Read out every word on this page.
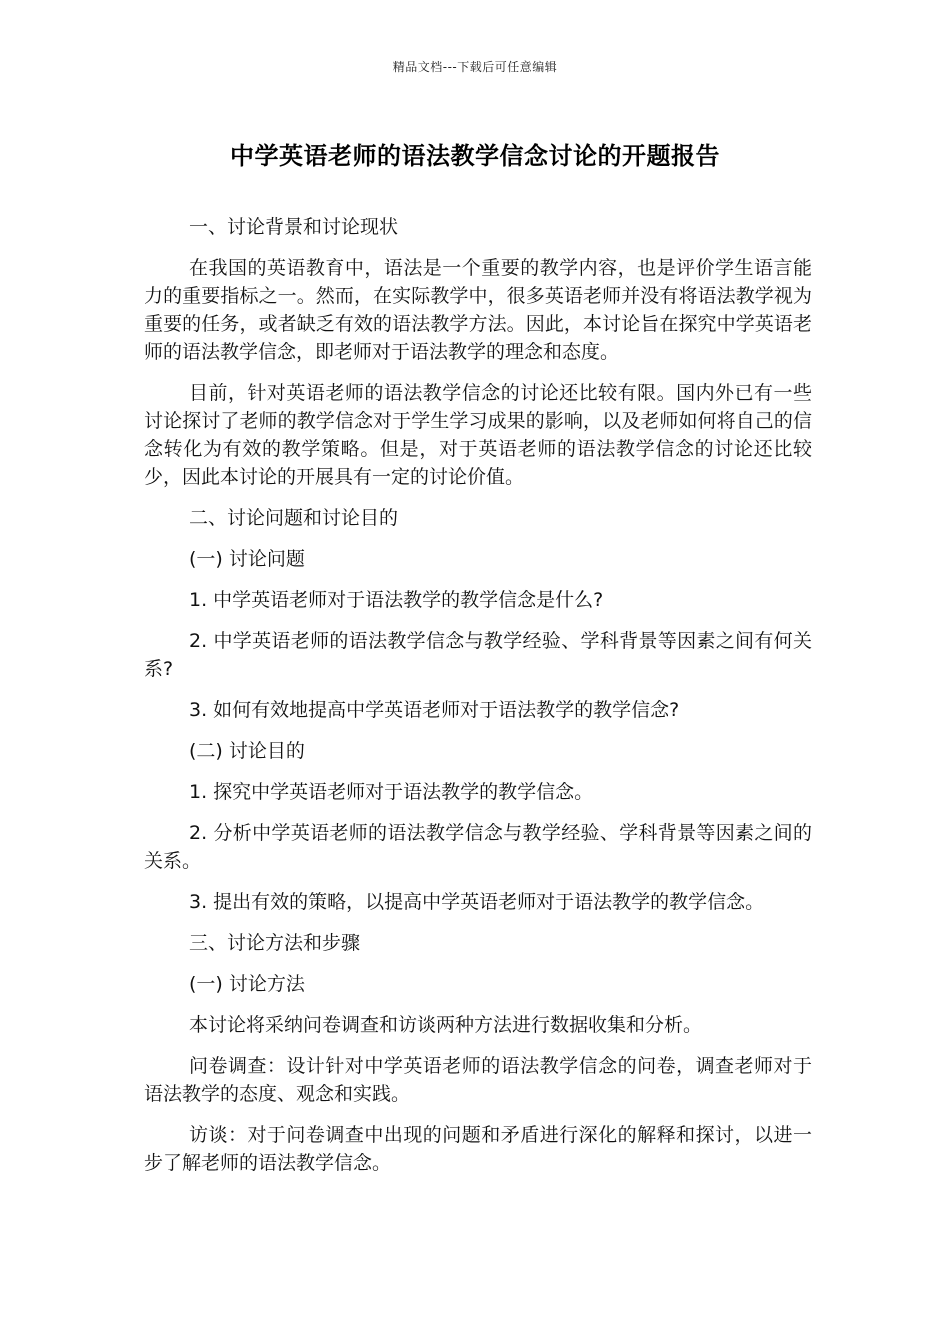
精品文档---下载后可任意编辑
中学英语老师的语法教学信念讨论的开题报告

一、讨论背景和讨论现状

在我国的英语教育中，语法是一个重要的教学内容，也是评价学生语言能力的重要指标之一。然而，在实际教学中，很多英语老师并没有将语法教学视为重要的任务，或者缺乏有效的语法教学方法。因此，本讨论旨在探究中学英语老师的语法教学信念，即老师对于语法教学的理念和态度。

目前，针对英语老师的语法教学信念的讨论还比较有限。国内外已有一些讨论探讨了老师的教学信念对于学生学习成果的影响，以及老师如何将自己的信念转化为有效的教学策略。但是，对于英语老师的语法教学信念的讨论还比较少，因此本讨论的开展具有一定的讨论价值。

二、讨论问题和讨论目的

(一) 讨论问题

1. 中学英语老师对于语法教学的教学信念是什么?

2. 中学英语老师的语法教学信念与教学经验、学科背景等因素之间有何关系?

3. 如何有效地提高中学英语老师对于语法教学的教学信念?

(二) 讨论目的

1. 探究中学英语老师对于语法教学的教学信念。

2. 分析中学英语老师的语法教学信念与教学经验、学科背景等因素之间的关系。

3. 提出有效的策略，以提高中学英语老师对于语法教学的教学信念。

三、讨论方法和步骤

(一) 讨论方法

本讨论将采纳问卷调查和访谈两种方法进行数据收集和分析。

问卷调查：设计针对中学英语老师的语法教学信念的问卷，调查老师对于语法教学的态度、观念和实践。

访谈：对于问卷调查中出现的问题和矛盾进行深化的解释和探讨，以进一步了解老师的语法教学信念。
